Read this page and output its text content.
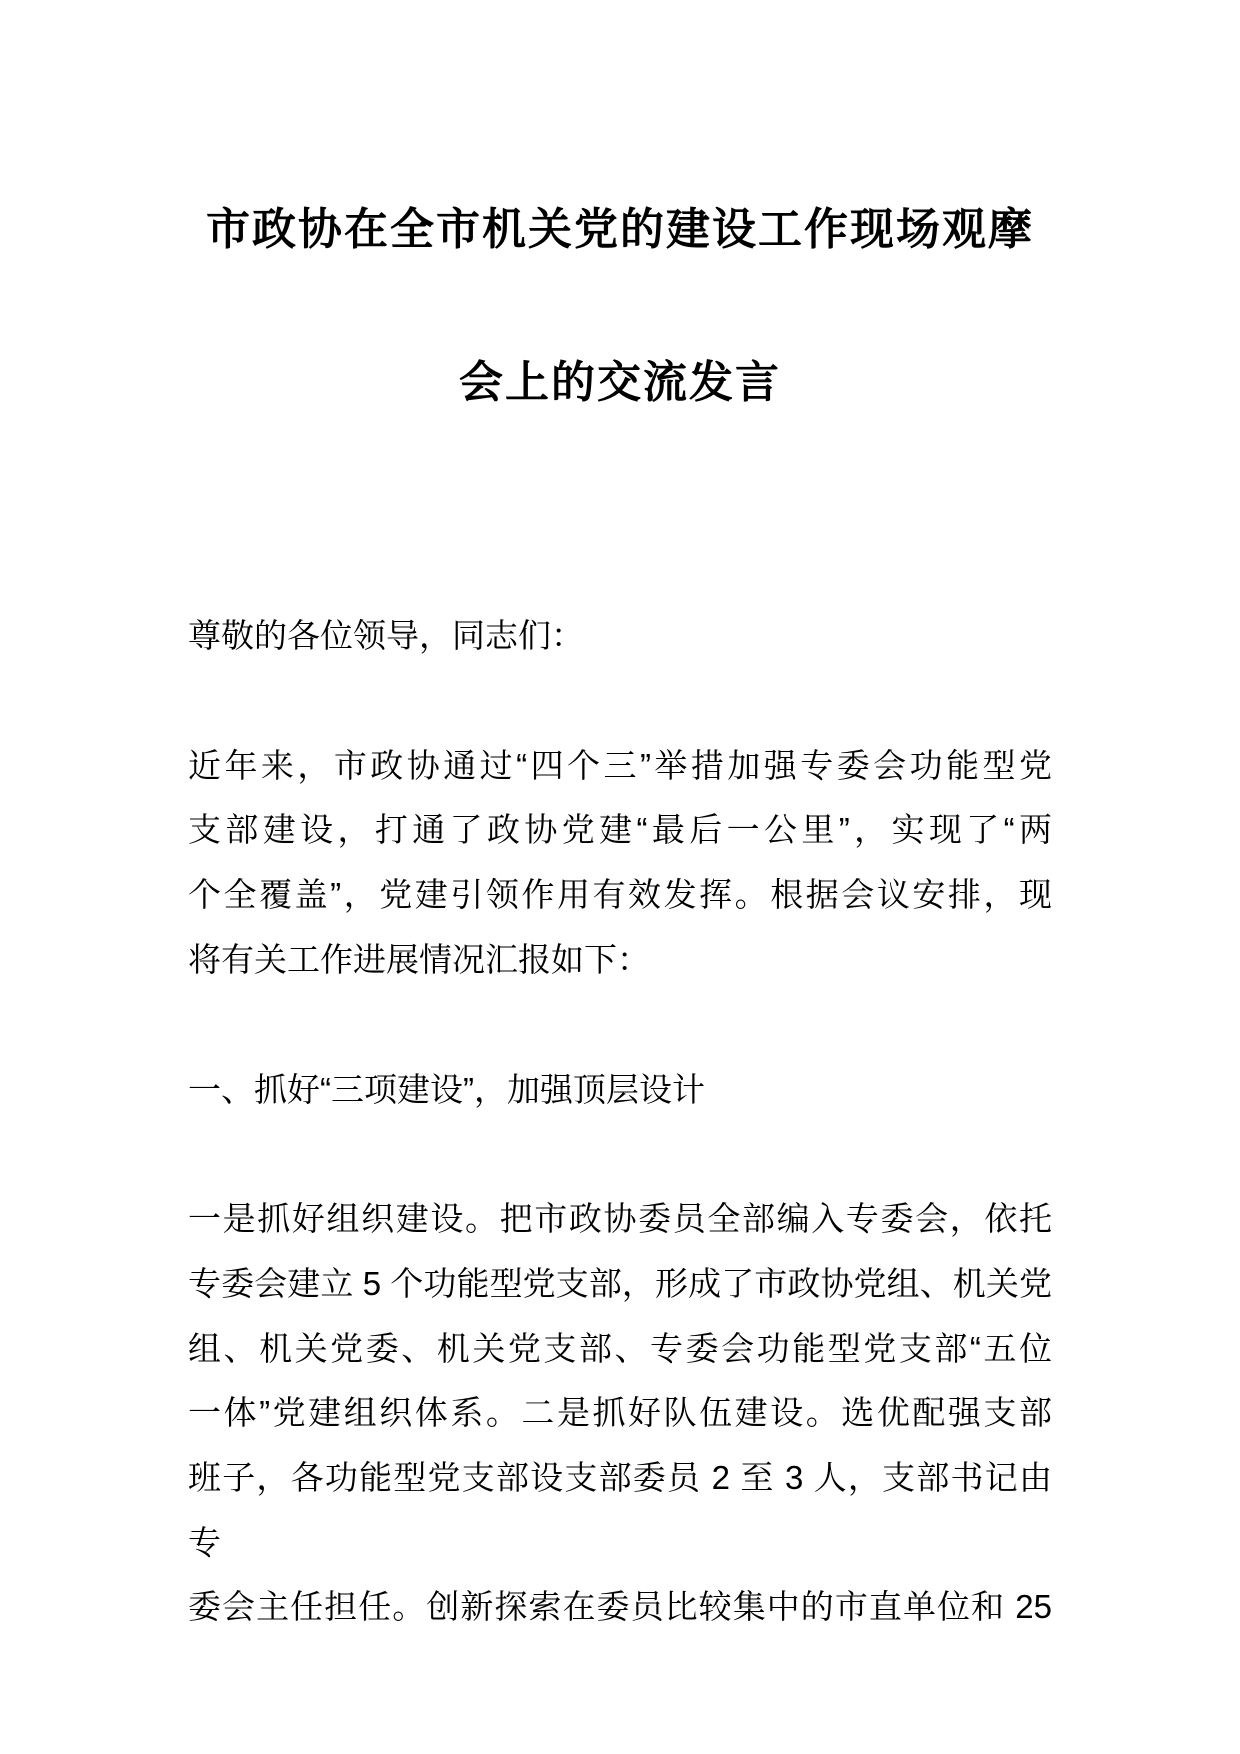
市政协在全市机关党的建设工作现场观摩
会上的交流发言

尊敬的各位领导，同志们：

近年来，市政协通过“四个三”举措加强专委会功能型党
支部建设，打通了政协党建“最后一公里”，实现了“两
个全覆盖”，党建引领作用有效发挥。根据会议安排，现
将有关工作进展情况汇报如下：

一、抓好“三项建设”，加强顶层设计

一是抓好组织建设。把市政协委员全部编入专委会，依托
专委会建立 5 个功能型党支部，形成了市政协党组、机关党
组、机关党委、机关党支部、专委会功能型党支部“五位
一体”党建组织体系。二是抓好队伍建设。选优配强支部
班子，各功能型党支部设支部委员 2 至 3 人，支部书记由专
委会主任担任。创新探索在委员比较集中的市直单位和 25
